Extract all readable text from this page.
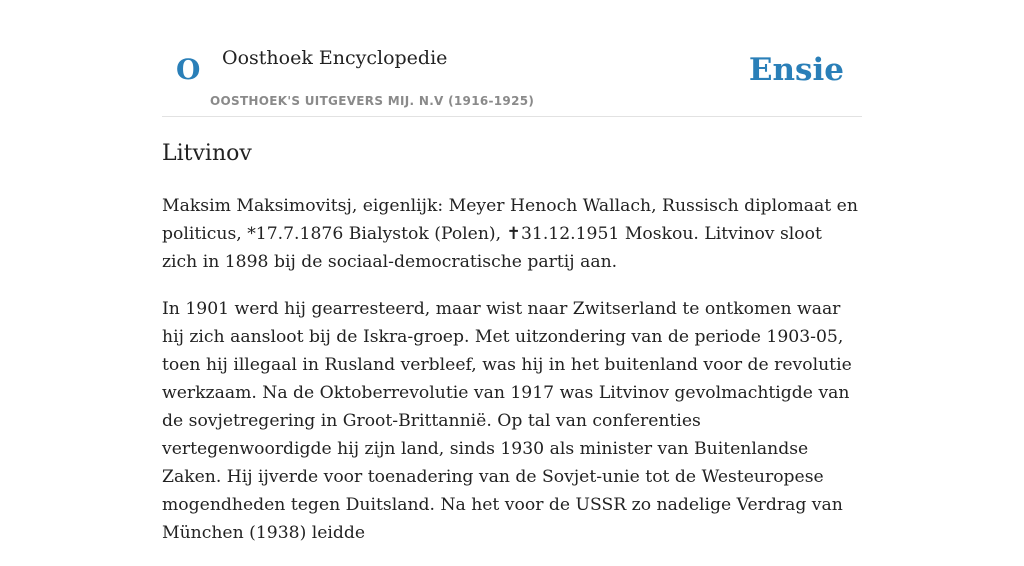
O Oosthoek Encyclopedie
OOSTHOEK'S UITGEVERS MIJ. N.V (1916-1925)
Ensie
Litvinov

Maksim Maksimovitsj, eigenlijk: Meyer Henoch Wallach, Russisch diplomaat en politicus, *17.7.1876 Bialystok (Polen), ✝31.12.1951 Moskou. Litvinov sloot zich in 1898 bij de sociaal-democratische partij aan.

In 1901 werd hij gearresteerd, maar wist naar Zwitserland te ontkomen waar hij zich aansloot bij de Iskra-groep. Met uitzondering van de periode 1903-05, toen hij illegaal in Rusland verbleef, was hij in het buitenland voor de revolutie werkzaam. Na de Oktoberrevolutie van 1917 was Litvinov gevolmachtigde van de sovjetregering in Groot-Brittannië. Op tal van conferenties vertegenwoordigde hij zijn land, sinds 1930 als minister van Buitenlandse Zaken. Hij ijverde voor toenadering van de Sovjet-unie tot de Westeuropese mogendheden tegen Duitsland. Na het voor de USSR zo nadelige Verdrag van München (1938) leidde
